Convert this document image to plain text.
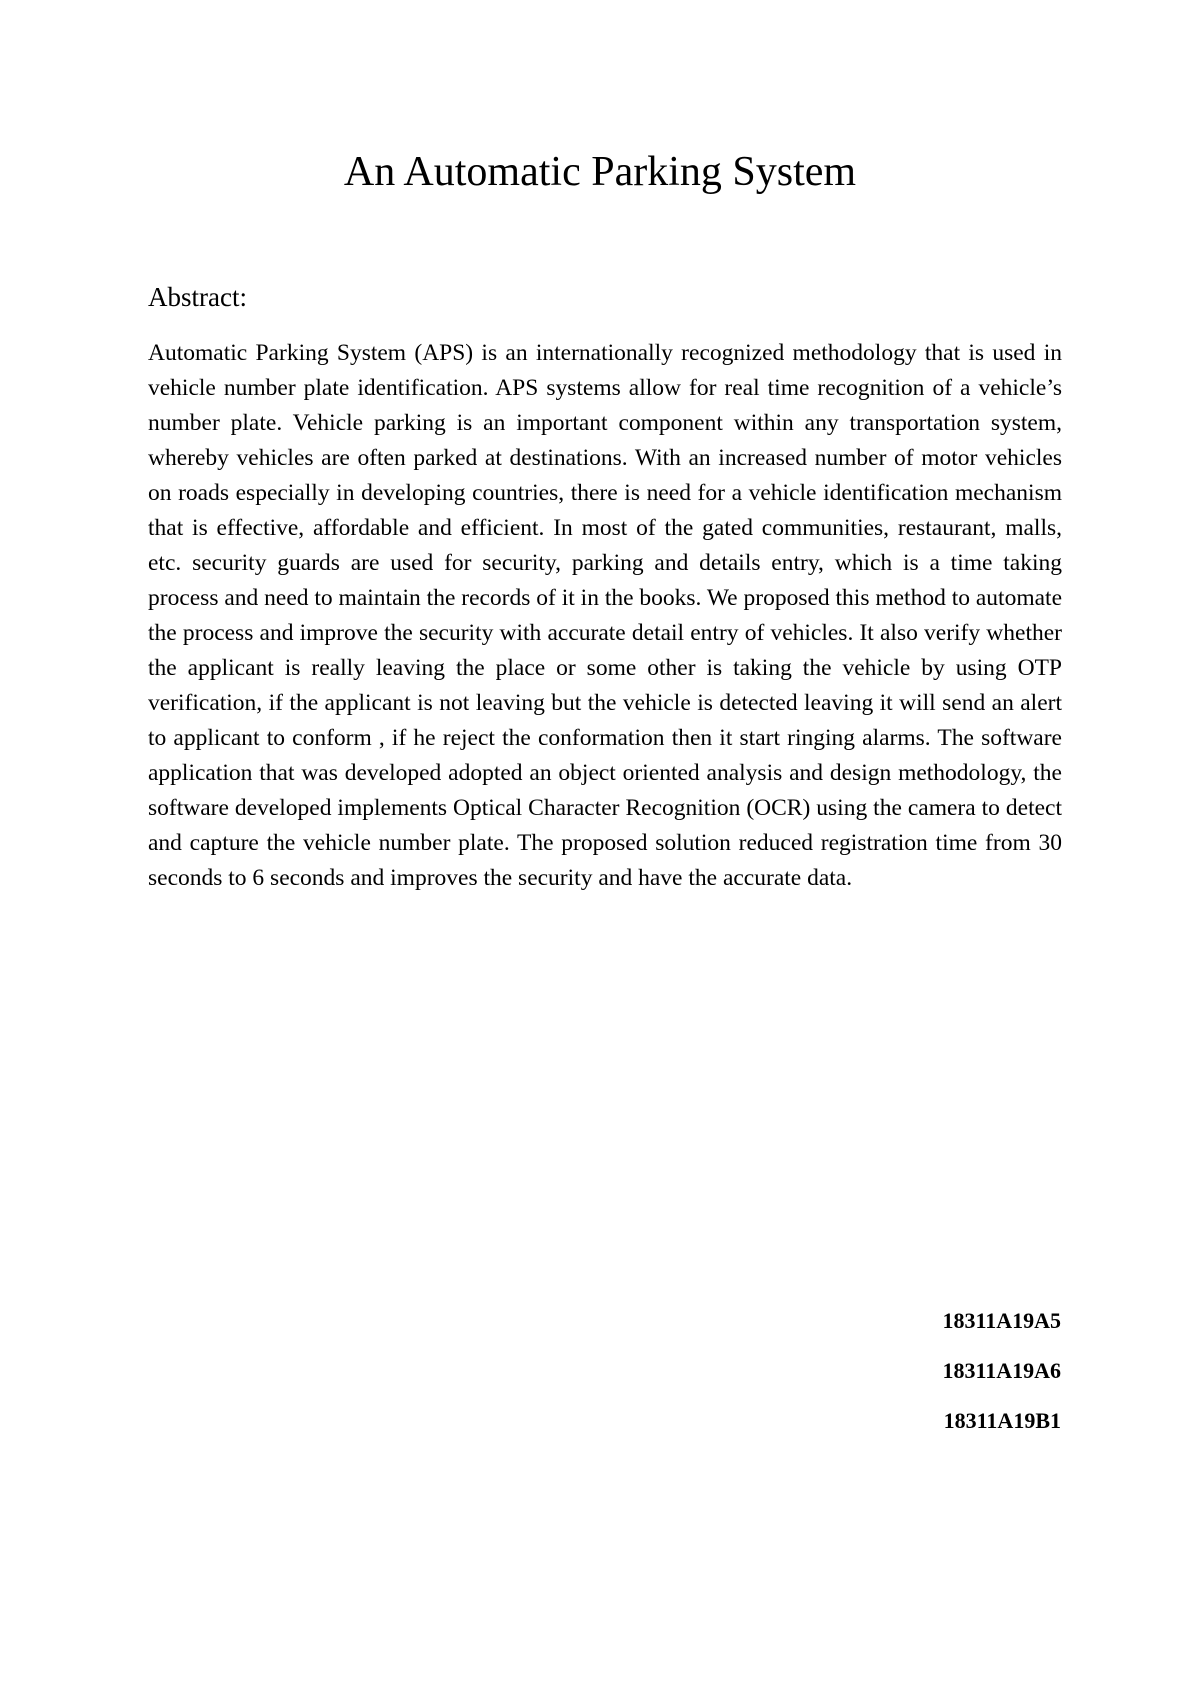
An Automatic Parking System
Abstract:

Automatic Parking System (APS) is an internationally recognized methodology that is used in vehicle number plate identification. APS systems allow for real time recognition of a vehicle’s number plate. Vehicle parking is an important component within any transportation system, whereby vehicles are often parked at destinations. With an increased number of motor vehicles on roads especially in developing countries, there is need for a vehicle identification mechanism that is effective, affordable and efficient. In most of the gated communities, restaurant, malls, etc. security guards are used for security, parking and details entry, which is a time taking process and need to maintain the records of it in the books. We proposed this method to automate the process and improve the security with accurate detail entry of vehicles. It also verify whether the applicant is really leaving the place or some other is taking the vehicle by using OTP verification, if the applicant is not leaving but the vehicle is detected leaving it will send an alert to applicant to conform , if he reject the conformation then it start ringing alarms. The software application that was developed adopted an object oriented analysis and design methodology, the software developed implements Optical Character Recognition (OCR) using the camera to detect and capture the vehicle number plate. The proposed solution reduced registration time from 30 seconds to 6 seconds and improves the security and have the accurate data.

18311A19A5
18311A19A6
18311A19B1
